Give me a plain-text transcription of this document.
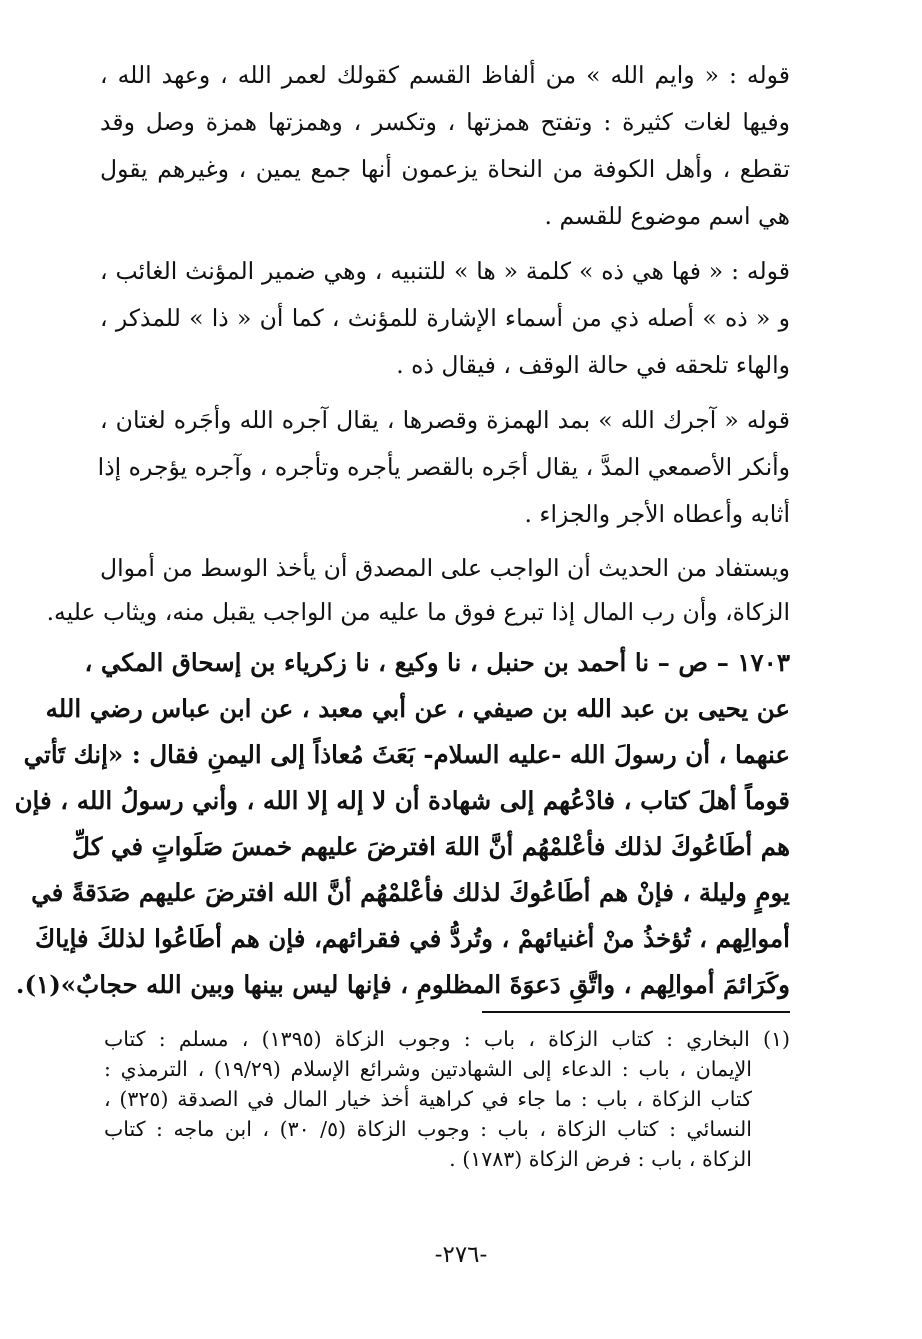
قوله : « وايم الله » من ألفاظ القسم كقولك لعمر الله ، وعهد الله ،
وفيها لغات كثيرة : وتفتح همزتها ، وتكسر ، وهمزتها همزة وصل وقد
تقطع ، وأهل الكوفة من النحاة يزعمون أنها جمع يمين ، وغيرهم يقول
هي اسم موضوع للقسم .

قوله : « فها هي ذه » كلمة « ها » للتنبيه ، وهي ضمير المؤنث الغائب ،
و « ذه » أصله ذي من أسماء الإشارة للمؤنث ، كما أن « ذا » للمذكر ،
والهاء تلحقه في حالة الوقف ، فيقال ذه .

قوله « آجرك الله » بمد الهمزة وقصرها ، يقال آجره الله وأجَره لغتان ،
وأنكر الأصمعي المدَّ ، يقال أجَره بالقصر يأجره وتأجره ، وآجره يؤجره إذا
أثابه وأعطاه الأجر والجزاء .

ويستفاد من الحديث أن الواجب على المصدق أن يأخذ الوسط من أموال
الزكاة، وأن رب المال إذا تبرع فوق ما عليه من الواجب يقبل منه، ويثاب عليه.

١٧٠٣ – ص – نا أحمد بن حنبل ، نا وكيع ، نا زكرياء بن إسحاق المكي ،
عن يحيى بن عبد الله بن صيفي ، عن أبي معبد ، عن ابن عباس رضي الله
عنهما ، أن رسولَ الله -عليه السلام- بَعَثَ مُعاذاً إلى اليمنِ فقال : «إنك تَأتي
قوماً أهلَ كتاب ، فادْعُهم إلى شهادة أن لا إله إلا الله ، وأني رسولُ الله ، فإن
هم أطَاعُوكَ لذلك فأعْلمْهُم أنَّ اللهَ افترضَ عليهم خمسَ صَلَواتٍ في كلِّ
يومٍ وليلة ، فإنْ هم أطَاعُوكَ لذلك فأعْلمْهُم أنَّ الله افترضَ عليهم صَدَقةً في
أموالِهم ، تُؤخذُ منْ أغنيائهمْ ، وتُردُّ في فقرائهم، فإن هم أطَاعُوا لذلكَ فإياكَ
وكَرَائمَ أموالِهم ، واتَّقِ دَعوَةَ المظلومِ ، فإنها ليس بينها وبين الله حجابٌ»(١).

(١) البخاري : كتاب الزكاة ، باب : وجوب الزكاة (١٣٩٥) ، مسلم : كتاب
الإيمان ، باب : الدعاء إلى الشهادتين وشرائع الإسلام (١٩/٢٩) ، الترمذي :
كتاب الزكاة ، باب : ما جاء في كراهية أخذ خيار المال في الصدقة (٣٢٥) ،
النسائي : كتاب الزكاة ، باب : وجوب الزكاة (٥/ ٣٠) ، ابن ماجه : كتاب
الزكاة ، باب : فرض الزكاة (١٧٨٣) .
-٢٧٦-
